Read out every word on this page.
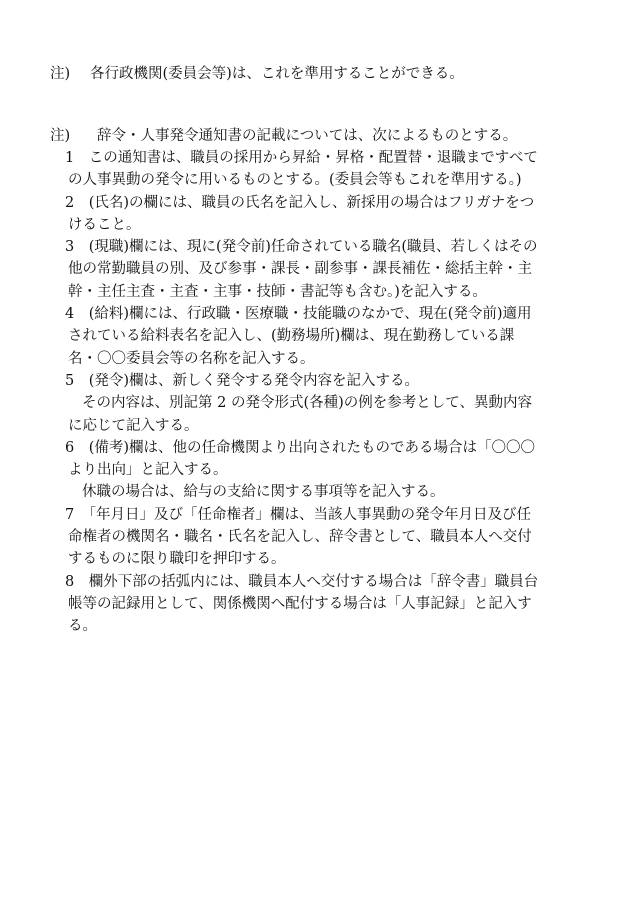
注) 各行政機関(委員会等)は、これを準用することができる。
注) 辞令・人事発令通知書の記載については、次によるものとする。
1　この通知書は、職員の採用から昇給・昇格・配置替・退職まですべて
の人事異動の発令に用いるものとする。(委員会等もこれを準用する。)
2　(氏名)の欄には、職員の氏名を記入し、新採用の場合はフリガナをつ
けること。
3　(現職)欄には、現に(発令前)任命されている職名(職員、若しくはその
他の常勤職員の別、及び参事・課長・副参事・課長補佐・総括主幹・主
幹・主任主査・主査・主事・技師・書記等も含む。)を記入する。
4　(給料)欄には、行政職・医療職・技能職のなかで、現在(発令前)適用
されている給料表名を記入し、(勤務場所)欄は、現在勤務している課
名・〇〇委員会等の名称を記入する。
5　(発令)欄は、新しく発令する発令内容を記入する。
その内容は、別記第 2 の発令形式(各種)の例を参考として、異動内容
に応じて記入する。
6　(備考)欄は、他の任命機関より出向されたものである場合は「〇〇〇
より出向」と記入する。
休職の場合は、給与の支給に関する事項等を記入する。
7　「年月日」及び「任命権者」欄は、当該人事異動の発令年月日及び任
命権者の機関名・職名・氏名を記入し、辞令書として、職員本人へ交付
するものに限り職印を押印する。
8　欄外下部の括弧内には、職員本人へ交付する場合は「辞令書」職員台
帳等の記録用として、関係機関へ配付する場合は「人事記録」と記入す
る。
